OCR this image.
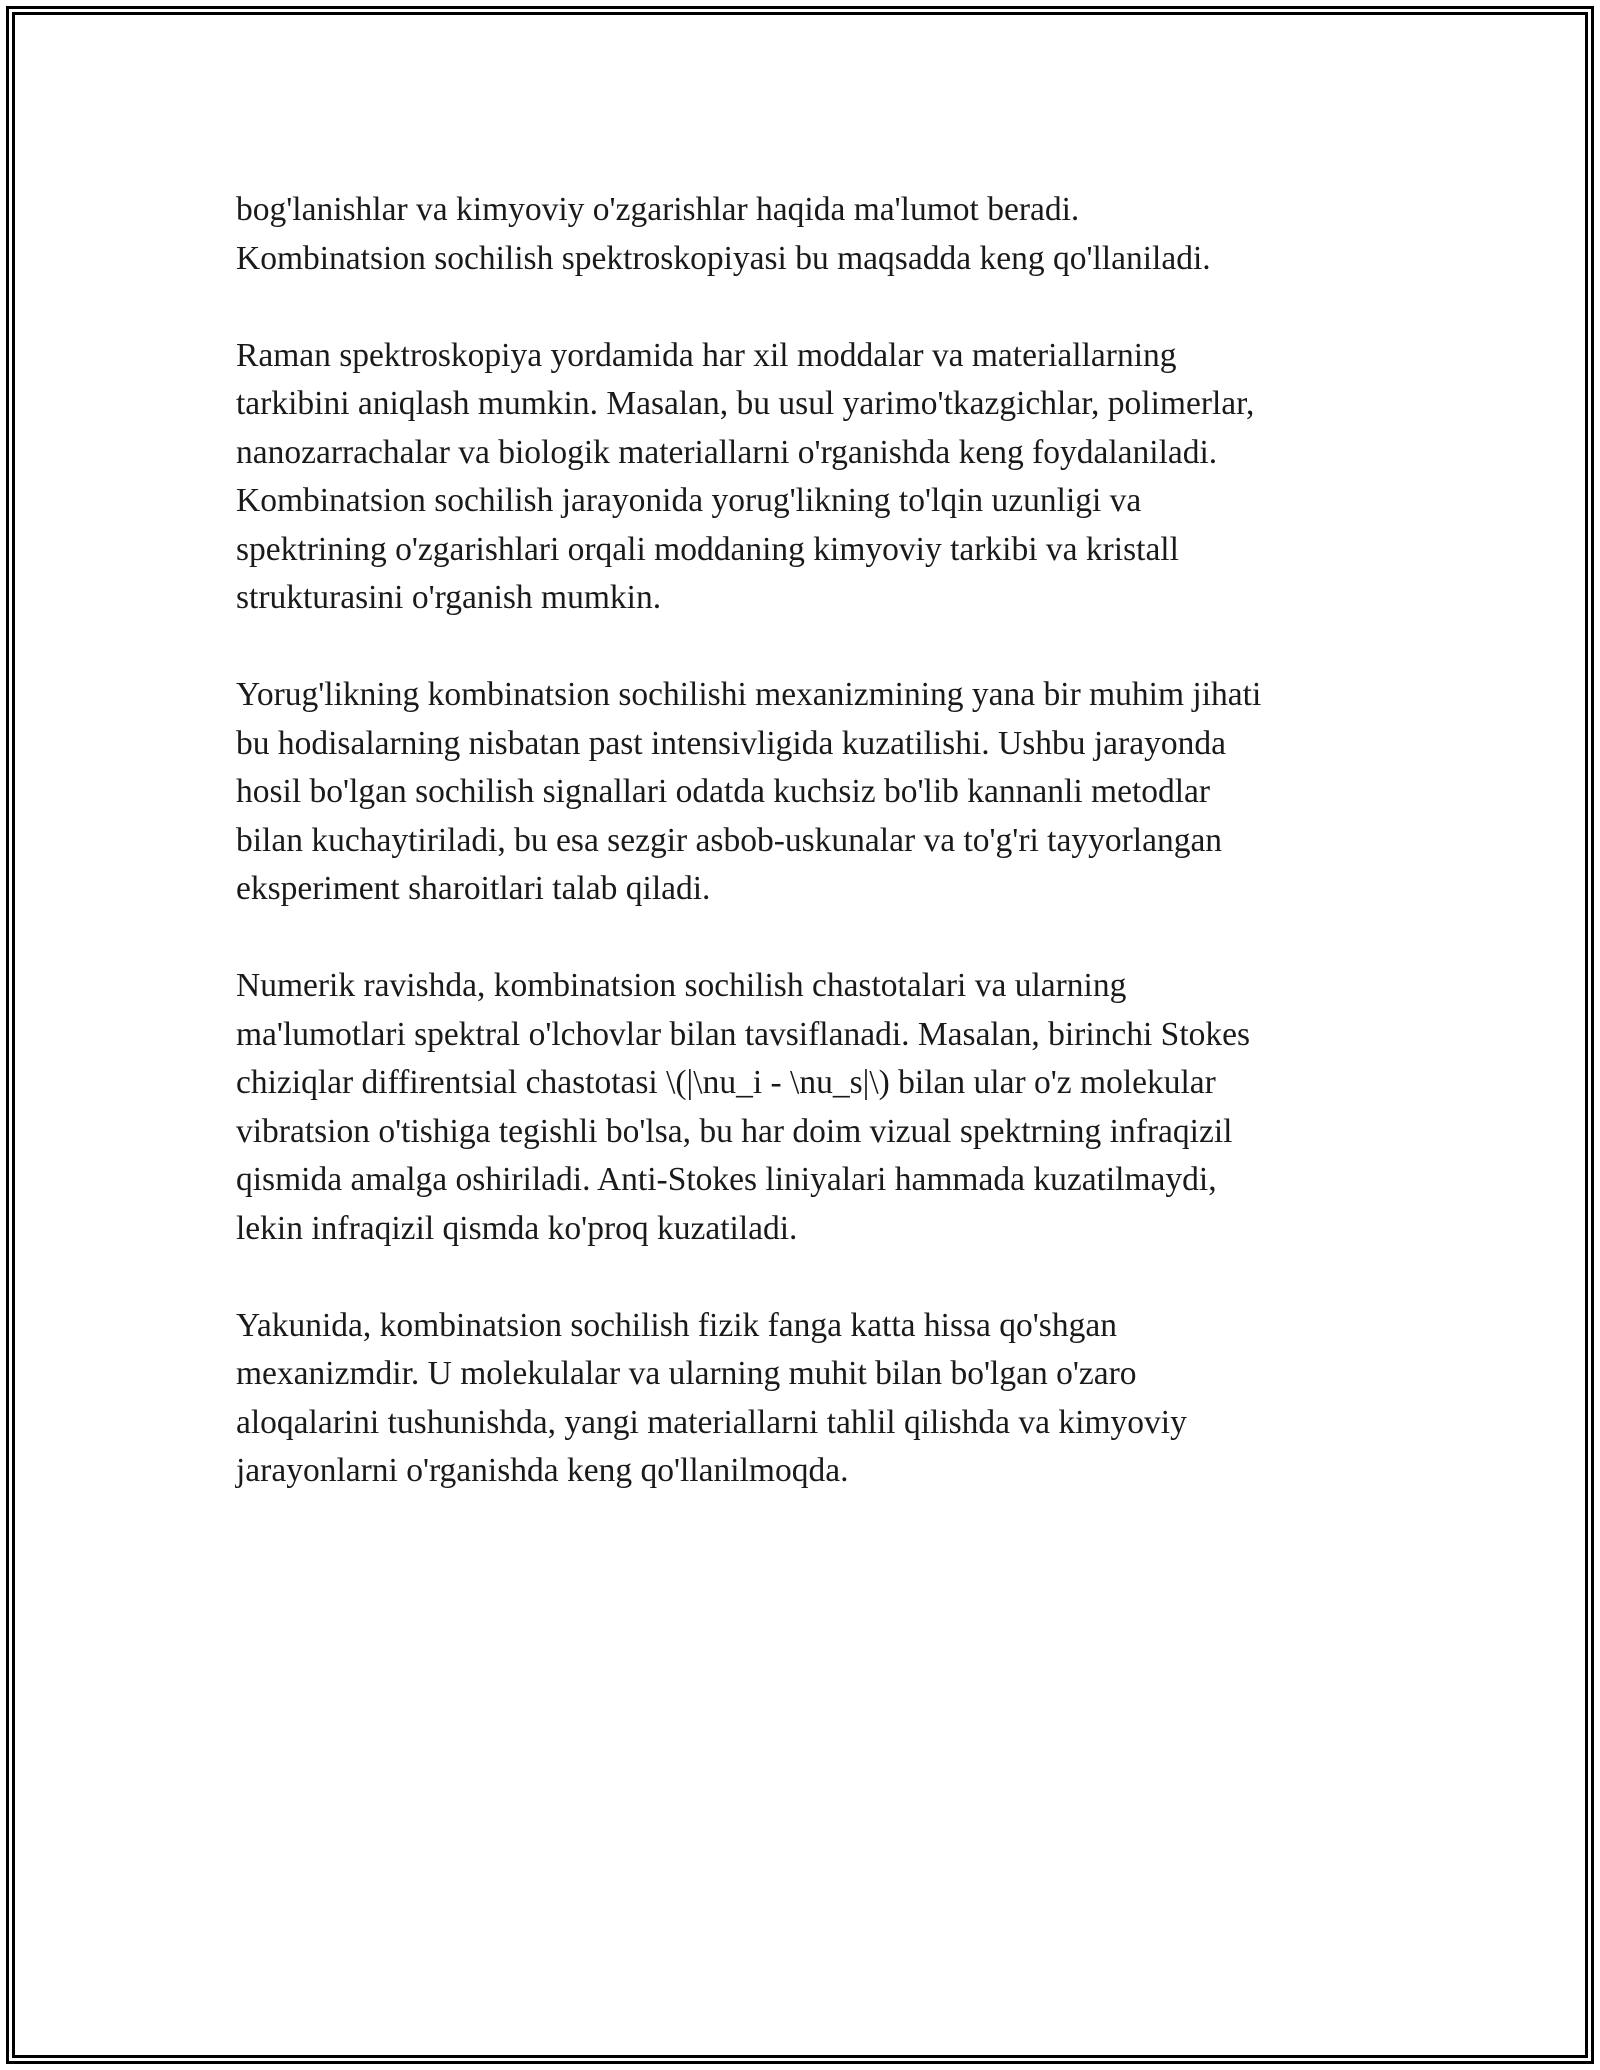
bog'lanishlar va kimyoviy o'zgarishlar haqida ma'lumot beradi.
Kombinatsion sochilish spektroskopiyasi bu maqsadda keng qo'llaniladi.

Raman spektroskopiya yordamida har xil moddalar va materiallarning
tarkibini aniqlash mumkin. Masalan, bu usul yarimo'tkazgichlar, polimerlar,
nanozarrachalar va biologik materiallarni o'rganishda keng foydalaniladi.
Kombinatsion sochilish jarayonida yorug'likning to'lqin uzunligi va
spektrining o'zgarishlari orqali moddaning kimyoviy tarkibi va kristall
strukturasini o'rganish mumkin.

Yorug'likning kombinatsion sochilishi mexanizmining yana bir muhim jihati
bu hodisalarning nisbatan past intensivligida kuzatilishi. Ushbu jarayonda
hosil bo'lgan sochilish signallari odatda kuchsiz bo'lib kannanli metodlar
bilan kuchaytiriladi, bu esa sezgir asbob-uskunalar va to'g'ri tayyorlangan
eksperiment sharoitlari talab qiladi.

Numerik ravishda, kombinatsion sochilish chastotalari va ularning
ma'lumotlari spektral o'lchovlar bilan tavsiflanadi. Masalan, birinchi Stokes
chiziqlar diffirentsial chastotasi \(|\nu_i - \nu_s|\) bilan ular o'z molekular
vibratsion o'tishiga tegishli bo'lsa, bu har doim vizual spektrning infraqizil
qismida amalga oshiriladi. Anti-Stokes liniyalari hammada kuzatilmaydi,
lekin infraqizil qismda ko'proq kuzatiladi.

Yakunida, kombinatsion sochilish fizik fanga katta hissa qo'shgan
mexanizmdir. U molekulalar va ularning muhit bilan bo'lgan o'zaro
aloqalarini tushunishda, yangi materiallarni tahlil qilishda va kimyoviy
jarayonlarni o'rganishda keng qo'llanilmoqda.
